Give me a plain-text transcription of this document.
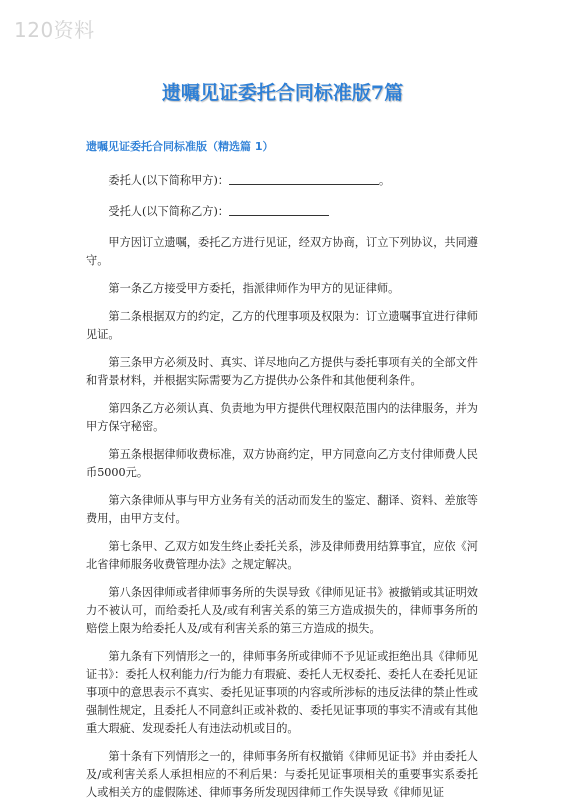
120资料
遗嘱见证委托合同标准版7篇
遗嘱见证委托合同标准版（精选篇 1）

委托人(以下简称甲方)：	。

受托人(以下简称乙方)：

甲方因订立遗嘱，委托乙方进行见证，经双方协商，订立下列协议，共同遵守。

第一条乙方接受甲方委托，指派律师作为甲方的见证律师。

第二条根据双方的约定，乙方的代理事项及权限为：订立遗嘱事宜进行律师见证。

第三条甲方必须及时、真实、详尽地向乙方提供与委托事项有关的全部文件和背景材料，并根据实际需要为乙方提供办公条件和其他便利条件。

第四条乙方必须认真、负责地为甲方提供代理权限范围内的法律服务，并为甲方保守秘密。

第五条根据律师收费标准，双方协商约定，甲方同意向乙方支付律师费人民币5000元。

第六条律师从事与甲方业务有关的活动而发生的鉴定、翻译、资料、差旅等费用，由甲方支付。

第七条甲、乙双方如发生终止委托关系，涉及律师费用结算事宜，应依《河北省律师服务收费管理办法》之规定解决。

第八条因律师或者律师事务所的失误导致《律师见证书》被撤销或其证明效力不被认可，而给委托人及/或有利害关系的第三方造成损失的，律师事务所的赔偿上限为给委托人及/或有利害关系的第三方造成的损失。

第九条有下列情形之一的，律师事务所或律师不予见证或拒绝出具《律师见证书》：委托人权利能力/行为能力有瑕疵、委托人无权委托、委托人在委托见证事项中的意思表示不真实、委托见证事项的内容或所涉标的违反法律的禁止性或强制性规定，且委托人不同意纠正或补救的、委托见证事项的事实不清或有其他重大瑕疵、发现委托人有违法动机或目的。

第十条有下列情形之一的，律师事务所有权撤销《律师见证书》并由委托人及/或利害关系人承担相应的不利后果：与委托见证事项相关的重要事实系委托人或相关方的虚假陈述、律师事务所发现因律师工作失误导致《律师见证
